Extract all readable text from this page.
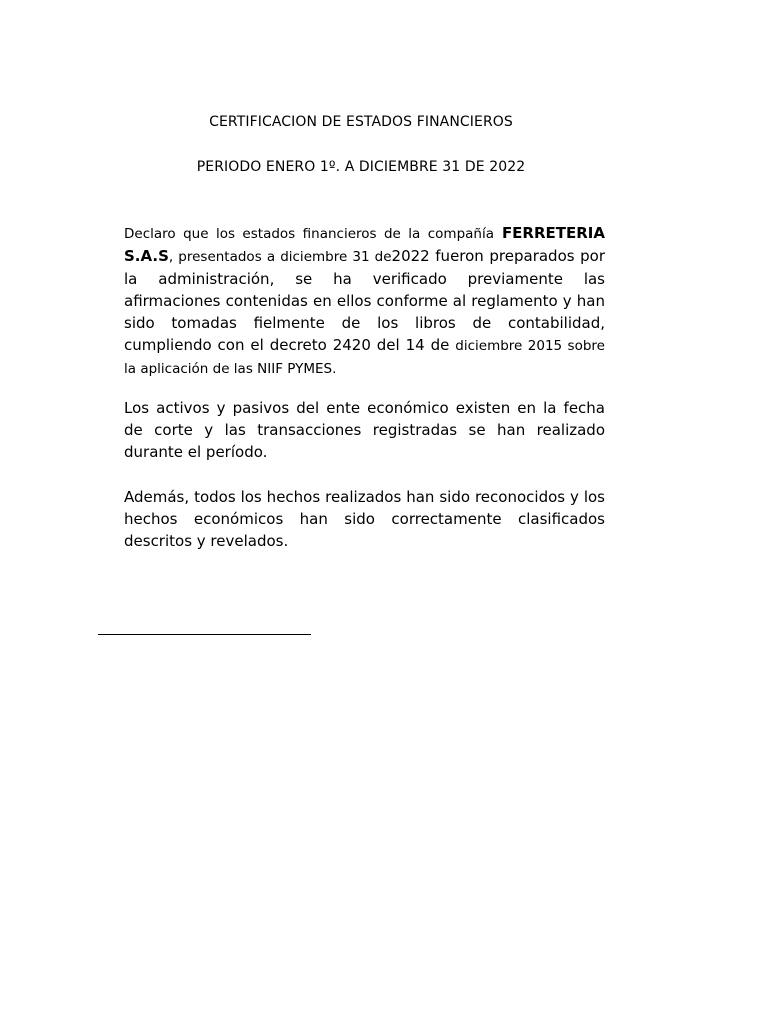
CERTIFICACION DE ESTADOS FINANCIEROS
PERIODO ENERO 1º. A DICIEMBRE 31 DE 2022
Declaro que los estados financieros de la compañía FERRETERIA S.A.S, presentados a diciembre 31 de2022 fueron preparados por la administración, se ha verificado previamente las afirmaciones contenidas en ellos conforme al reglamento y han sido tomadas fielmente de los libros de contabilidad, cumpliendo con el decreto 2420 del 14 de diciembre 2015 sobre la aplicación de las NIIF PYMES.
Los activos y pasivos del ente económico existen en la fecha de corte y las transacciones registradas se han realizado durante el período.
Además, todos los hechos realizados han sido reconocidos y los hechos económicos han sido correctamente clasificados descritos y revelados.
